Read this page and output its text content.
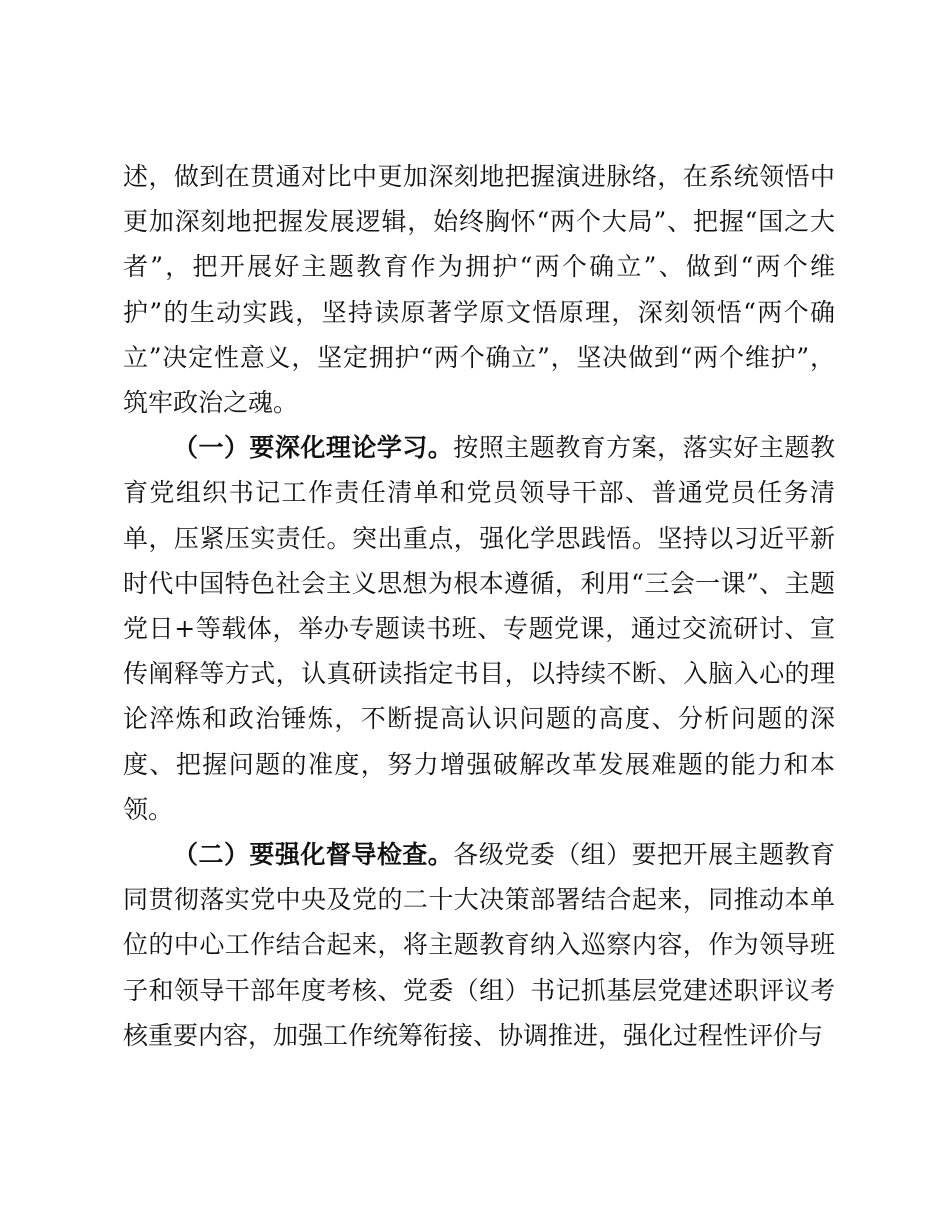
述，做到在贯通对比中更加深刻地把握演进脉络，在系统领悟中更加深刻地把握发展逻辑，始终胸怀“两个大局”、把握“国之大者”，把开展好主题教育作为拥护“两个确立”、做到“两个维护”的生动实践，坚持读原著学原文悟原理，深刻领悟“两个确立”决定性意义，坚定拥护“两个确立”，坚决做到“两个维护”，筑牢政治之魂。

（一）要深化理论学习。按照主题教育方案，落实好主题教育党组织书记工作责任清单和党员领导干部、普通党员任务清单，压紧压实责任。突出重点，强化学思践悟。坚持以习近平新时代中国特色社会主义思想为根本遵循，利用“三会一课”、主题党日+等载体，举办专题读书班、专题党课，通过交流研讨、宣传阐释等方式，认真研读指定书目，以持续不断、入脑入心的理论淬炼和政治锤炼，不断提高认识问题的高度、分析问题的深度、把握问题的准度，努力增强破解改革发展难题的能力和本领。

（二）要强化督导检查。各级党委（组）要把开展主题教育同贯彻落实党中央及党的二十大决策部署结合起来，同推动本单位的中心工作结合起来，将主题教育纳入巡察内容，作为领导班子和领导干部年度考核、党委（组）书记抓基层党建述职评议考核重要内容，加强工作统筹衔接、协调推进，强化过程性评价与
